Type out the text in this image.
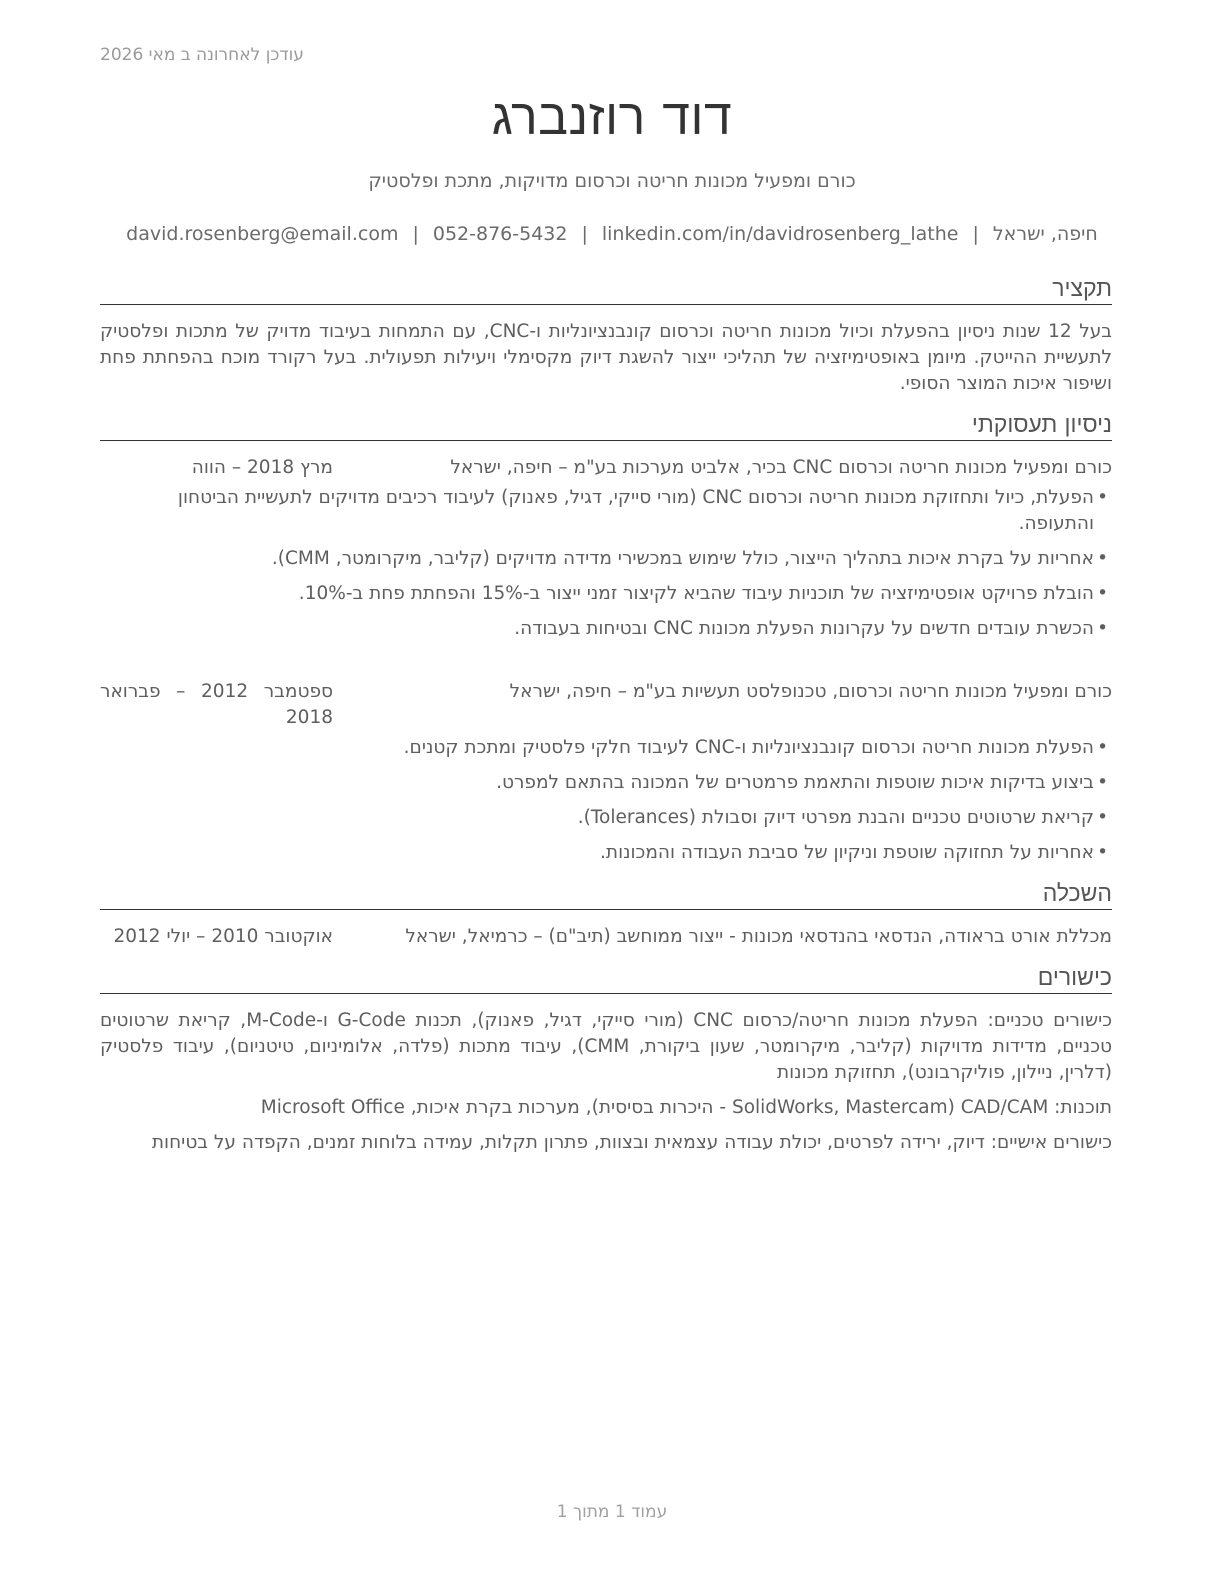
עודכן לאחרונה ב מאי 2026
דוד רוזנברג
כורם ומפעיל מכונות חריטה וכרסום מדויקות, מתכת ופלסטיק
חיפה, ישראל|david.rosenberg@email.com | 052-876-5432 | linkedin.com/in/davidrosenberg_lathe
תקציר

בעל 12 שנות ניסיון בהפעלת וכיול מכונות חריטה וכרסום קונבנציונליות ו-CNC, עם התמחות בעיבוד מדויק של מתכות ופלסטיק לתעשיית ההייטק. מיומן באופטימיזציה של תהליכי ייצור להשגת דיוק מקסימלי ויעילות תפעולית. בעל רקורד מוכח בהפחתת פחת ושיפור איכות המוצר הסופי.

ניסיון תעסוקתי
כורם ומפעיל מכונות חריטה וכרסום CNC בכיר, אלביט מערכות בע"מ – חיפה, ישראל
מרץ 2018 – הווה
•
הפעלת, כיול ותחזוקת מכונות חריטה וכרסום CNC (מורי סייקי, דגיל, פאנוק) לעיבוד רכיבים מדויקים לתעשיית הביטחון והתעופה.
•
אחריות על בקרת איכות בתהליך הייצור, כולל שימוש במכשירי מדידה מדויקים (קליבר, מיקרומטר, CMM).
•
הובלת פרויקט אופטימיזציה של תוכניות עיבוד שהביא לקיצור זמני ייצור ב-15% והפחתת פחת ב-10%.
•
הכשרת עובדים חדשים על עקרונות הפעלת מכונות CNC ובטיחות בעבודה.
כורם ומפעיל מכונות חריטה וכרסום, טכנופלסט תעשיות בע"מ – חיפה, ישראל
ספטמבר 2012 – פברואר 2018
•
הפעלת מכונות חריטה וכרסום קונבנציונליות ו-CNC לעיבוד חלקי פלסטיק ומתכת קטנים.
•
ביצוע בדיקות איכות שוטפות והתאמת פרמטרים של המכונה בהתאם למפרט.
•
קריאת שרטוטים טכניים והבנת מפרטי דיוק וסבולת (Tolerances).
•
אחריות על תחזוקה שוטפת וניקיון של סביבת העבודה והמכונות.
השכלה
מכללת אורט בראודה, הנדסאי בהנדסאי מכונות - ייצור ממוחשב (תיב"ם) – כרמיאל, ישראל
אוקטובר 2010 – יולי 2012
כישורים

כישורים טכניים: הפעלת מכונות חריטה/כרסום CNC (מורי סייקי, דגיל, פאנוק), תכנות G-Code ו-M-Code, קריאת שרטוטים טכניים, מדידות מדויקות (קליבר, מיקרומטר, שעון ביקורת, CMM), עיבוד מתכות (פלדה, אלומיניום, טיטניום), עיבוד פלסטיק (דלרין, ניילון, פוליקרבונט), תחזוקת מכונות

תוכנות: CAD/CAM (SolidWorks, Mastercam - היכרות בסיסית), מערכות בקרת איכות, Microsoft Office

כישורים אישיים: דיוק, ירידה לפרטים, יכולת עבודה עצמאית ובצוות, פתרון תקלות, עמידה בלוחות זמנים, הקפדה על בטיחות

עמוד 1 מתוך 1
